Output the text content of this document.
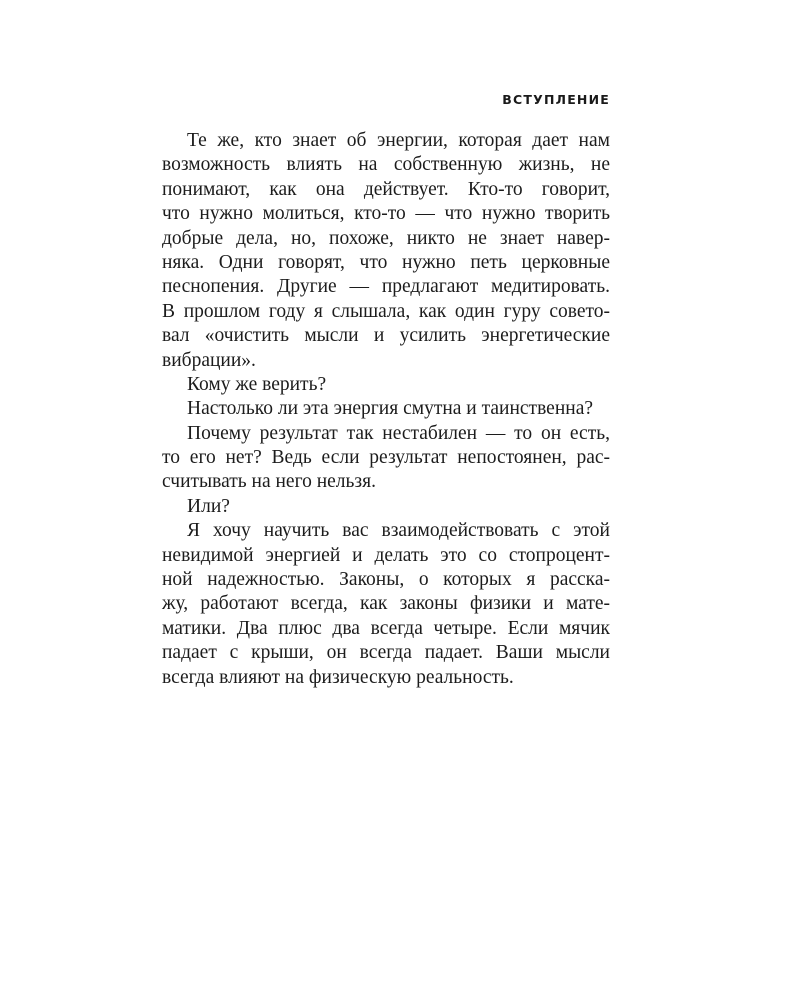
ВСТУПЛЕНИЕ
Те же, кто знает об энергии, которая дает нам
возможность влиять на собственную жизнь, не
понимают, как она действует. Кто-то говорит,
что нужно молиться, кто-то — что нужно творить
добрые дела, но, похоже, никто не знает навер-
няка. Одни говорят, что нужно петь церковные
песнопения. Другие — предлагают медитировать.
В прошлом году я слышала, как один гуру совето-
вал «очистить мысли и усилить энергетические
вибрации».
Кому же верить?
Настолько ли эта энергия смутна и таинственна?
Почему результат так нестабилен — то он есть,
то его нет? Ведь если результат непостоянен, рас-
считывать на него нельзя.
Или?
Я хочу научить вас взаимодействовать с этой
невидимой энергией и делать это со стопроцент-
ной надежностью. Законы, о которых я расска-
жу, работают всегда, как законы физики и мате-
матики. Два плюс два всегда четыре. Если мячик
падает с крыши, он всегда падает. Ваши мысли
всегда влияют на физическую реальность.
